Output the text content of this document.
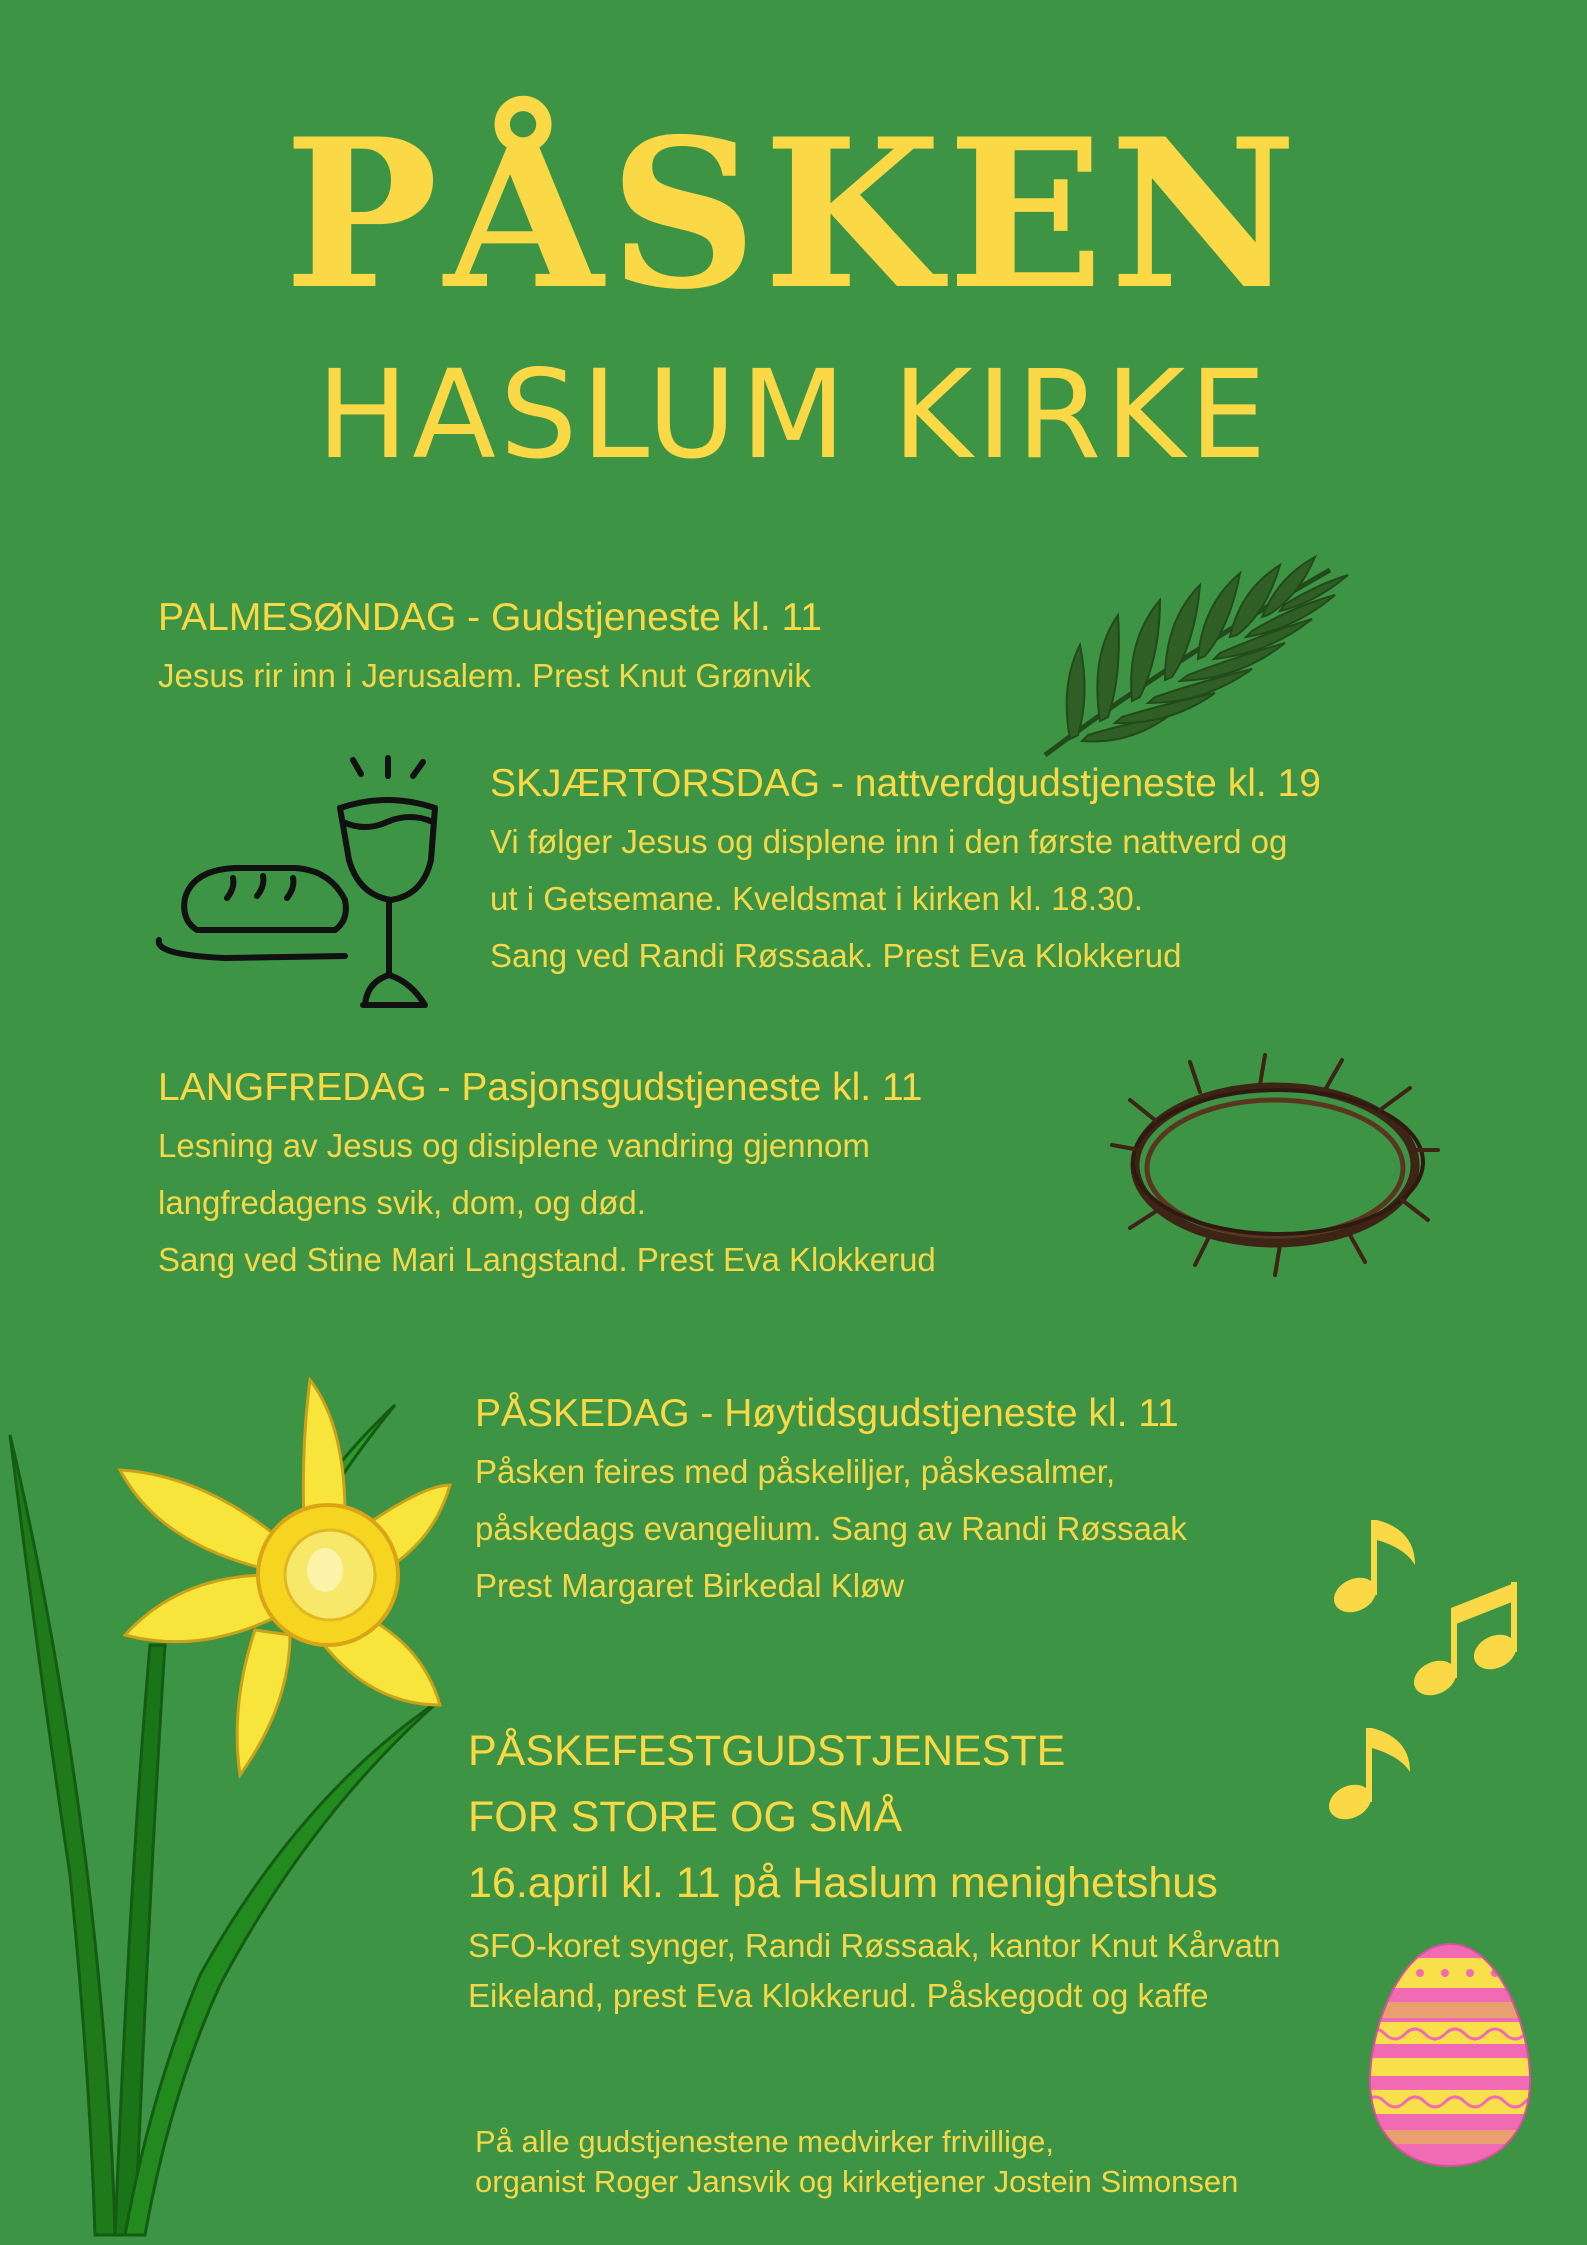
PÅSKEN
HASLUM KIRKE
PALMESØNDAG - Gudstjeneste kl. 11
Jesus rir inn i Jerusalem. Prest Knut Grønvik
SKJÆRTORSDAG - nattverdgudstjeneste kl. 19
Vi følger Jesus og displene inn i den første nattverd og
ut i Getsemane. Kveldsmat i kirken kl. 18.30.
Sang ved Randi Røssaak. Prest Eva Klokkerud
LANGFREDAG - Pasjonsgudstjeneste kl. 11
Lesning av Jesus og disiplene vandring gjennom
langfredagens svik, dom, og død.
Sang ved Stine Mari Langstand. Prest Eva Klokkerud
PÅSKEDAG - Høytidsgudstjeneste kl. 11
Påsken feires med påskeliljer, påskesalmer,
påskedags evangelium. Sang av Randi Røssaak
Prest Margaret Birkedal Kløw
PÅSKEFESTGUDSTJENESTE
FOR STORE OG SMÅ
16.april kl. 11 på Haslum menighetshus
SFO-koret synger, Randi Røssaak, kantor Knut Kårvatn
Eikeland, prest Eva Klokkerud. Påskegodt og kaffe
På alle gudstjenestene medvirker frivillige,
organist Roger Jansvik og kirketjener Jostein Simonsen
